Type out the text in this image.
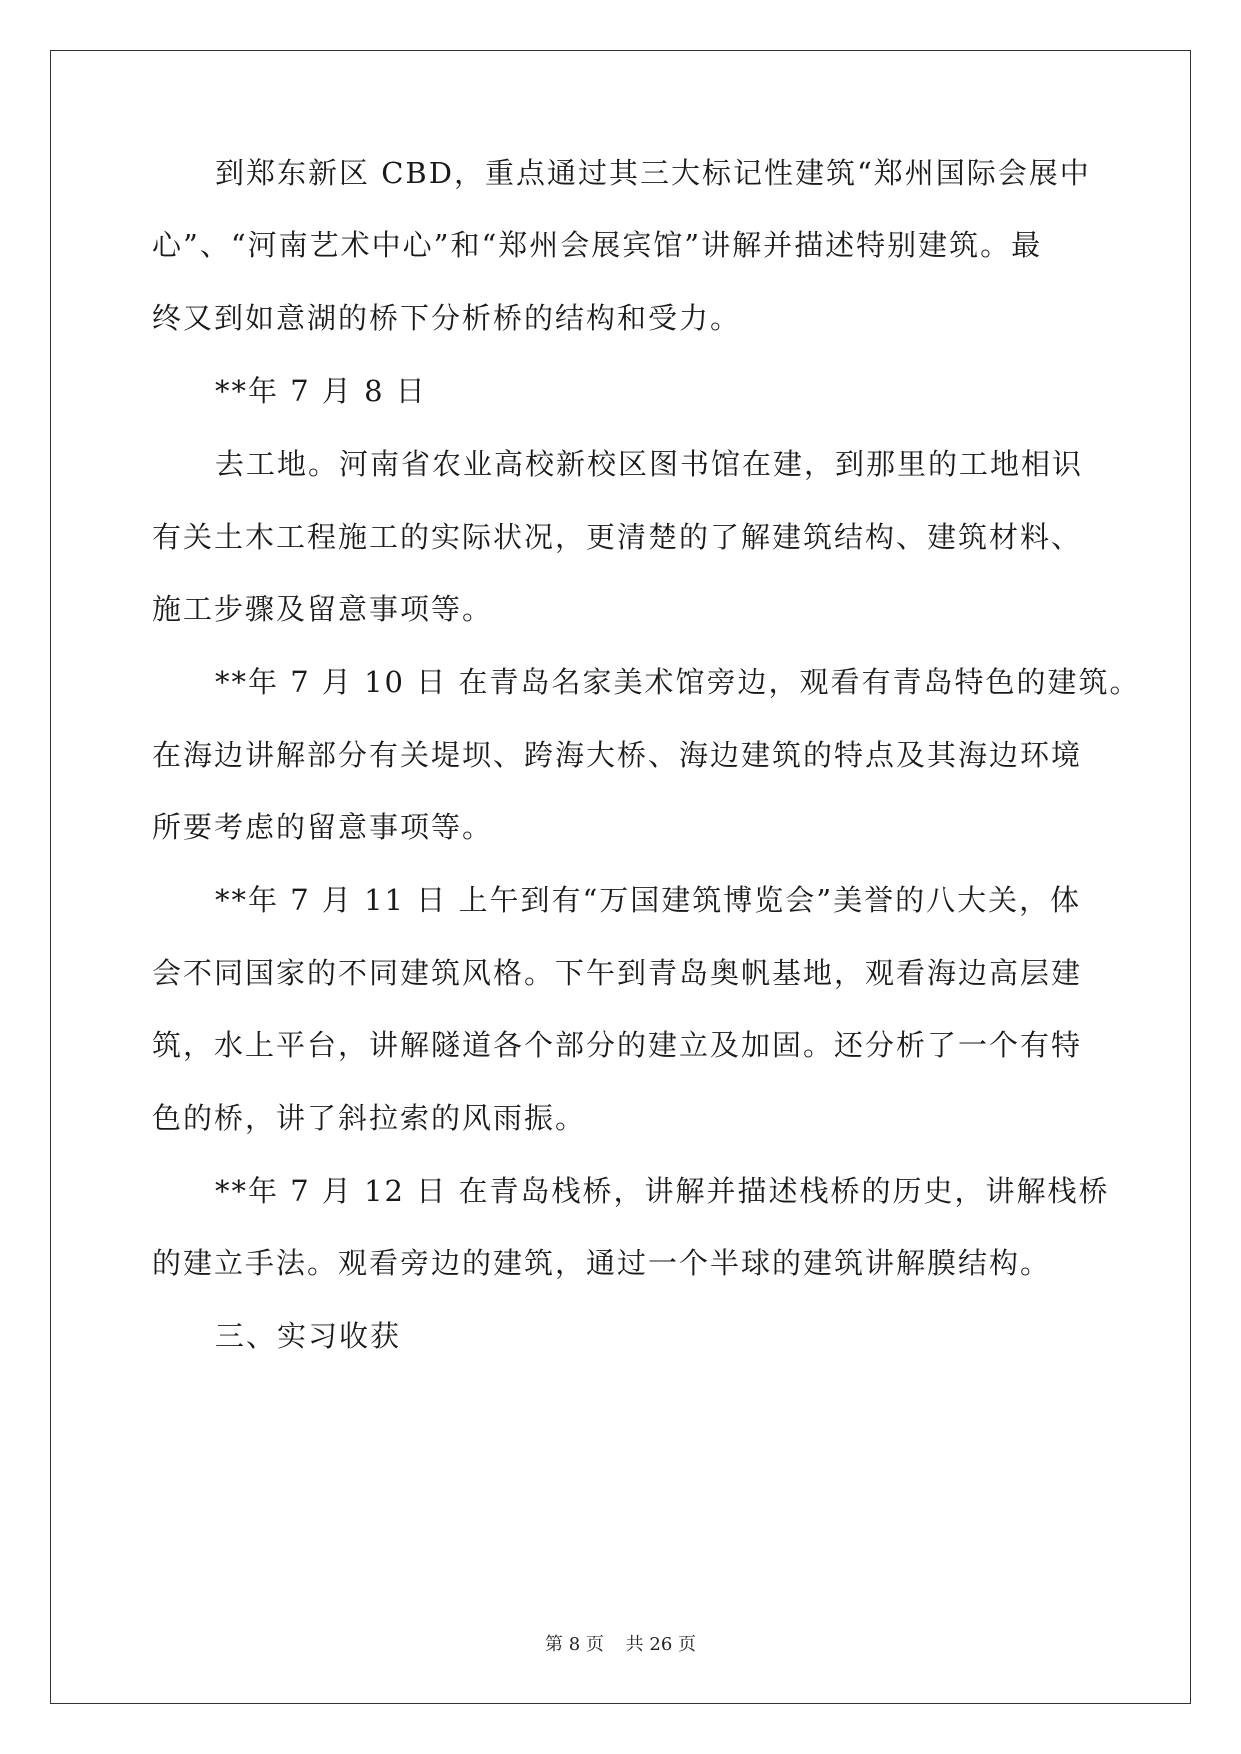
到郑东新区 CBD，重点通过其三大标记性建筑“郑州国际会展中
心”、“河南艺术中心”和“郑州会展宾馆”讲解并描述特别建筑。最
终又到如意湖的桥下分析桥的结构和受力。
**年 7 月 8 日
去工地。河南省农业高校新校区图书馆在建，到那里的工地相识
有关土木工程施工的实际状况，更清楚的了解建筑结构、建筑材料、
施工步骤及留意事项等。
**年 7 月 10 日 在青岛名家美术馆旁边，观看有青岛特色的建筑。
在海边讲解部分有关堤坝、跨海大桥、海边建筑的特点及其海边环境
所要考虑的留意事项等。
**年 7 月 11 日 上午到有“万国建筑博览会”美誉的八大关，体
会不同国家的不同建筑风格。下午到青岛奥帆基地，观看海边高层建
筑，水上平台，讲解隧道各个部分的建立及加固。还分析了一个有特
色的桥，讲了斜拉索的风雨振。
**年 7 月 12 日 在青岛栈桥，讲解并描述栈桥的历史，讲解栈桥
的建立手法。观看旁边的建筑，通过一个半球的建筑讲解膜结构。
三、实习收获
第 8 页 共 26 页
